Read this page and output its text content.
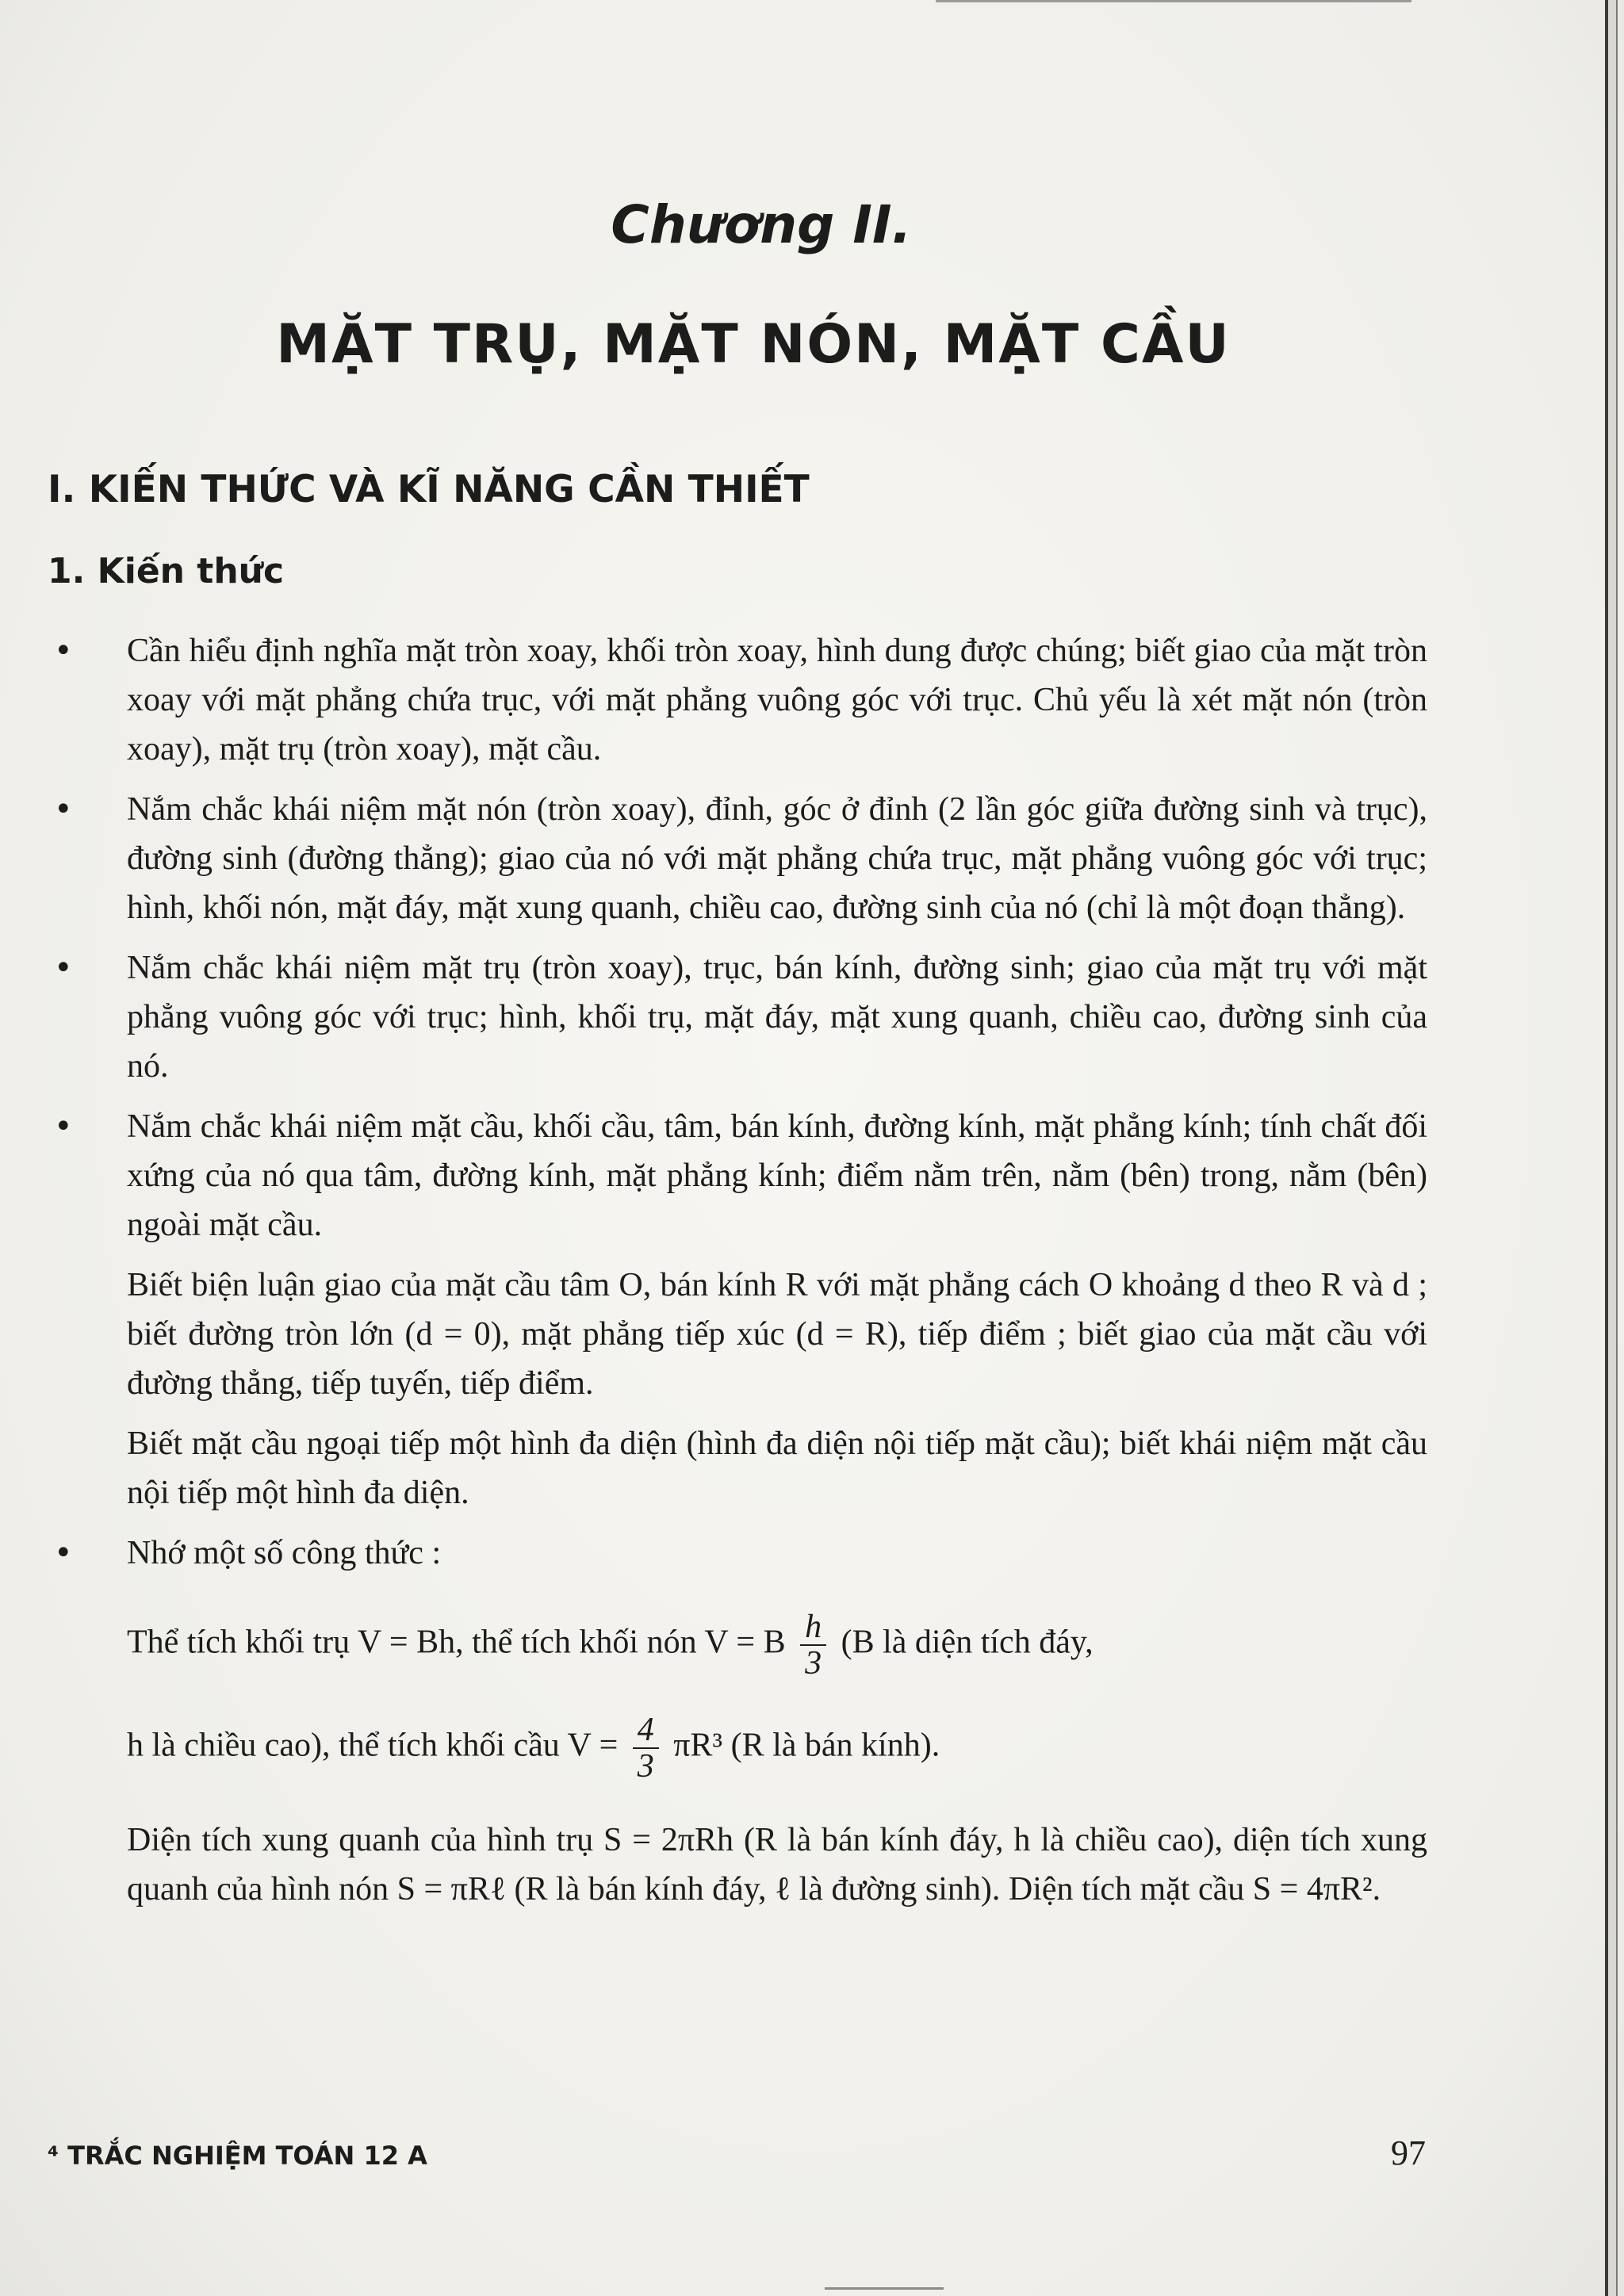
Chương II.
MẶT TRỤ, MẶT NÓN, MẶT CẦU
I. KIẾN THỨC VÀ KĨ NĂNG CẦN THIẾT
1. Kiến thức
• Cần hiểu định nghĩa mặt tròn xoay, khối tròn xoay, hình dung được chúng; biết giao của mặt tròn xoay với mặt phẳng chứa trục, với mặt phẳng vuông góc với trục. Chủ yếu là xét mặt nón (tròn xoay), mặt trụ (tròn xoay), mặt cầu.
• Nắm chắc khái niệm mặt nón (tròn xoay), đỉnh, góc ở đỉnh (2 lần góc giữa đường sinh và trục), đường sinh (đường thẳng); giao của nó với mặt phẳng chứa trục, mặt phẳng vuông góc với trục; hình, khối nón, mặt đáy, mặt xung quanh, chiều cao, đường sinh của nó (chỉ là một đoạn thẳng).
• Nắm chắc khái niệm mặt trụ (tròn xoay), trục, bán kính, đường sinh; giao của mặt trụ với mặt phẳng vuông góc với trục; hình, khối trụ, mặt đáy, mặt xung quanh, chiều cao, đường sinh của nó.
• Nắm chắc khái niệm mặt cầu, khối cầu, tâm, bán kính, đường kính, mặt phẳng kính; tính chất đối xứng của nó qua tâm, đường kính, mặt phẳng kính; điểm nằm trên, nằm (bên) trong, nằm (bên) ngoài mặt cầu.
Biết biện luận giao của mặt cầu tâm O, bán kính R với mặt phẳng cách O khoảng d theo R và d ; biết đường tròn lớn (d = 0), mặt phẳng tiếp xúc (d = R), tiếp điểm ; biết giao của mặt cầu với đường thẳng, tiếp tuyến, tiếp điểm.
Biết mặt cầu ngoại tiếp một hình đa diện (hình đa diện nội tiếp mặt cầu); biết khái niệm mặt cầu nội tiếp một hình đa diện.
• Nhớ một số công thức :
Thể tích khối trụ V = Bh, thể tích khối nón V = B $\frac{h}{3} (B$ là diện tích đáy,
h là chiều cao), thể tích khối cầu $V = \frac{4}{3} \pi R^3$ (R là bán kính).
Diện tích xung quanh của hình trụ S = 2πRh (R là bán kính đáy, h là chiều cao), diện tích xung quanh của hình nón S = πRℓ (R là bán kính đáy, ℓ là đường sinh). Diện tích mặt cầu S = 4πR².
⁴ TRẮC NGHIỆM TOÁN 12 A	97
